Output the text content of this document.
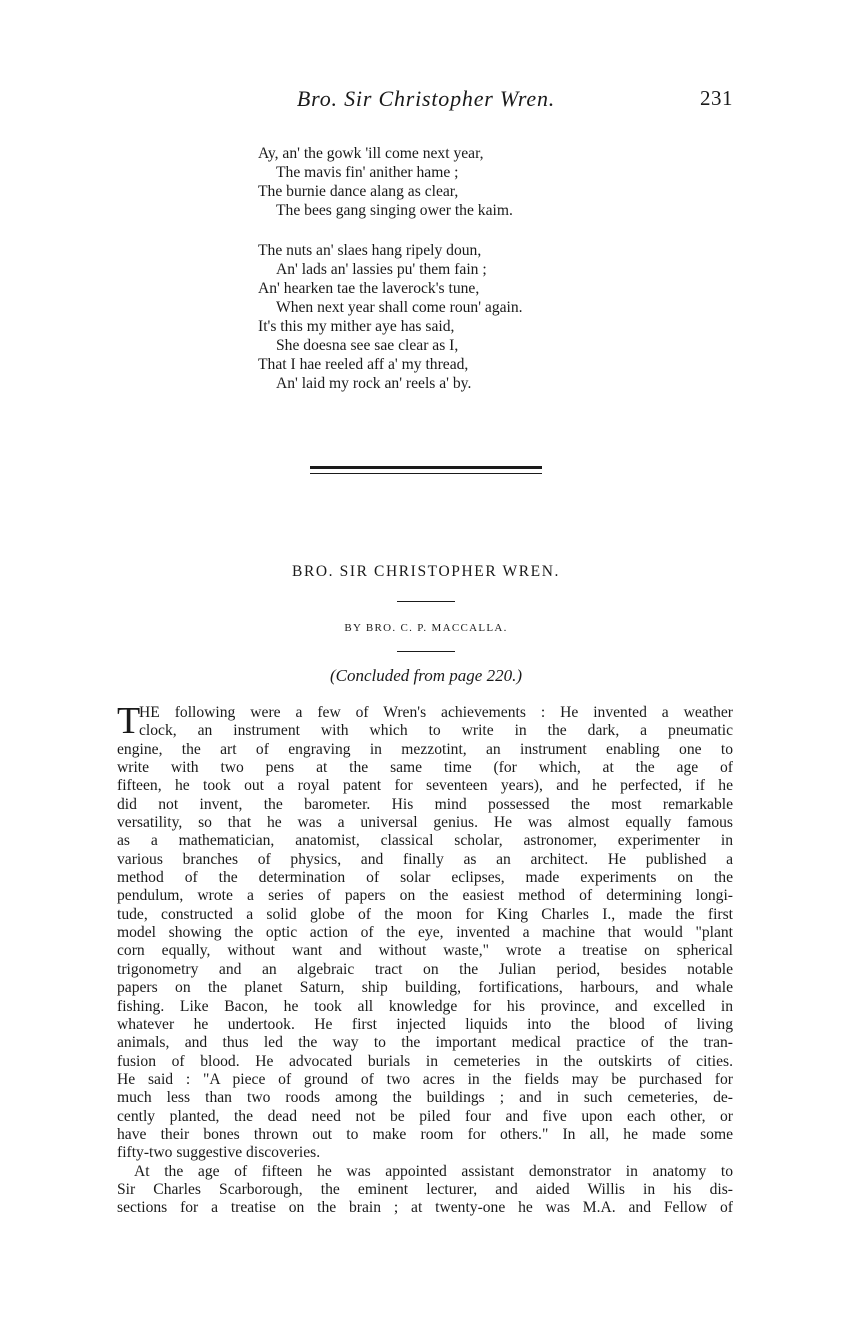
Bro. Sir Christopher Wren.	231
Ay, an' the gowk 'ill come next year,
The mavis fin' anither hame ;
The burnie dance alang as clear,
The bees gang singing ower the kaim.
The nuts an' slaes hang ripely doun,
An' lads an' lassies pu' them fain ;
An' hearken tae the laverock's tune,
When next year shall come roun' again.
It's this my mither aye has said,
She doesna see sae clear as I,
That I hae reeled aff a' my thread,
An' laid my rock an' reels a' by.
BRO. SIR CHRISTOPHER WREN.
BY BRO. C. P. MACCALLA.
(Concluded from page 220.)
T
HE following were a few of Wren's achievements : He invented a weather
clock, an instrument with which to write in the dark, a pneumatic
engine, the art of engraving in mezzotint, an instrument enabling one to
write with two pens at the same time (for which, at the age of
fifteen, he took out a royal patent for seventeen years), and he perfected, if he
did not invent, the barometer. His mind possessed the most remarkable
versatility, so that he was a universal genius. He was almost equally famous
as a mathematician, anatomist, classical scholar, astronomer, experimenter in
various branches of physics, and finally as an architect. He published a
method of the determination of solar eclipses, made experiments on the
pendulum, wrote a series of papers on the easiest method of determining longi-
tude, constructed a solid globe of the moon for King Charles I., made the first
model showing the optic action of the eye, invented a machine that would "plant
corn equally, without want and without waste," wrote a treatise on spherical
trigonometry and an algebraic tract on the Julian period, besides notable
papers on the planet Saturn, ship building, fortifications, harbours, and whale
fishing. Like Bacon, he took all knowledge for his province, and excelled in
whatever he undertook. He first injected liquids into the blood of living
animals, and thus led the way to the important medical practice of the tran-
fusion of blood. He advocated burials in cemeteries in the outskirts of cities.
He said : "A piece of ground of two acres in the fields may be purchased for
much less than two roods among the buildings ; and in such cemeteries, de-
cently planted, the dead need not be piled four and five upon each other, or
have their bones thrown out to make room for others." In all, he made some
fifty-two suggestive discoveries.
At the age of fifteen he was appointed assistant demonstrator in anatomy to
Sir Charles Scarborough, the eminent lecturer, and aided Willis in his dis-
sections for a treatise on the brain ; at twenty-one he was M.A. and Fellow of
